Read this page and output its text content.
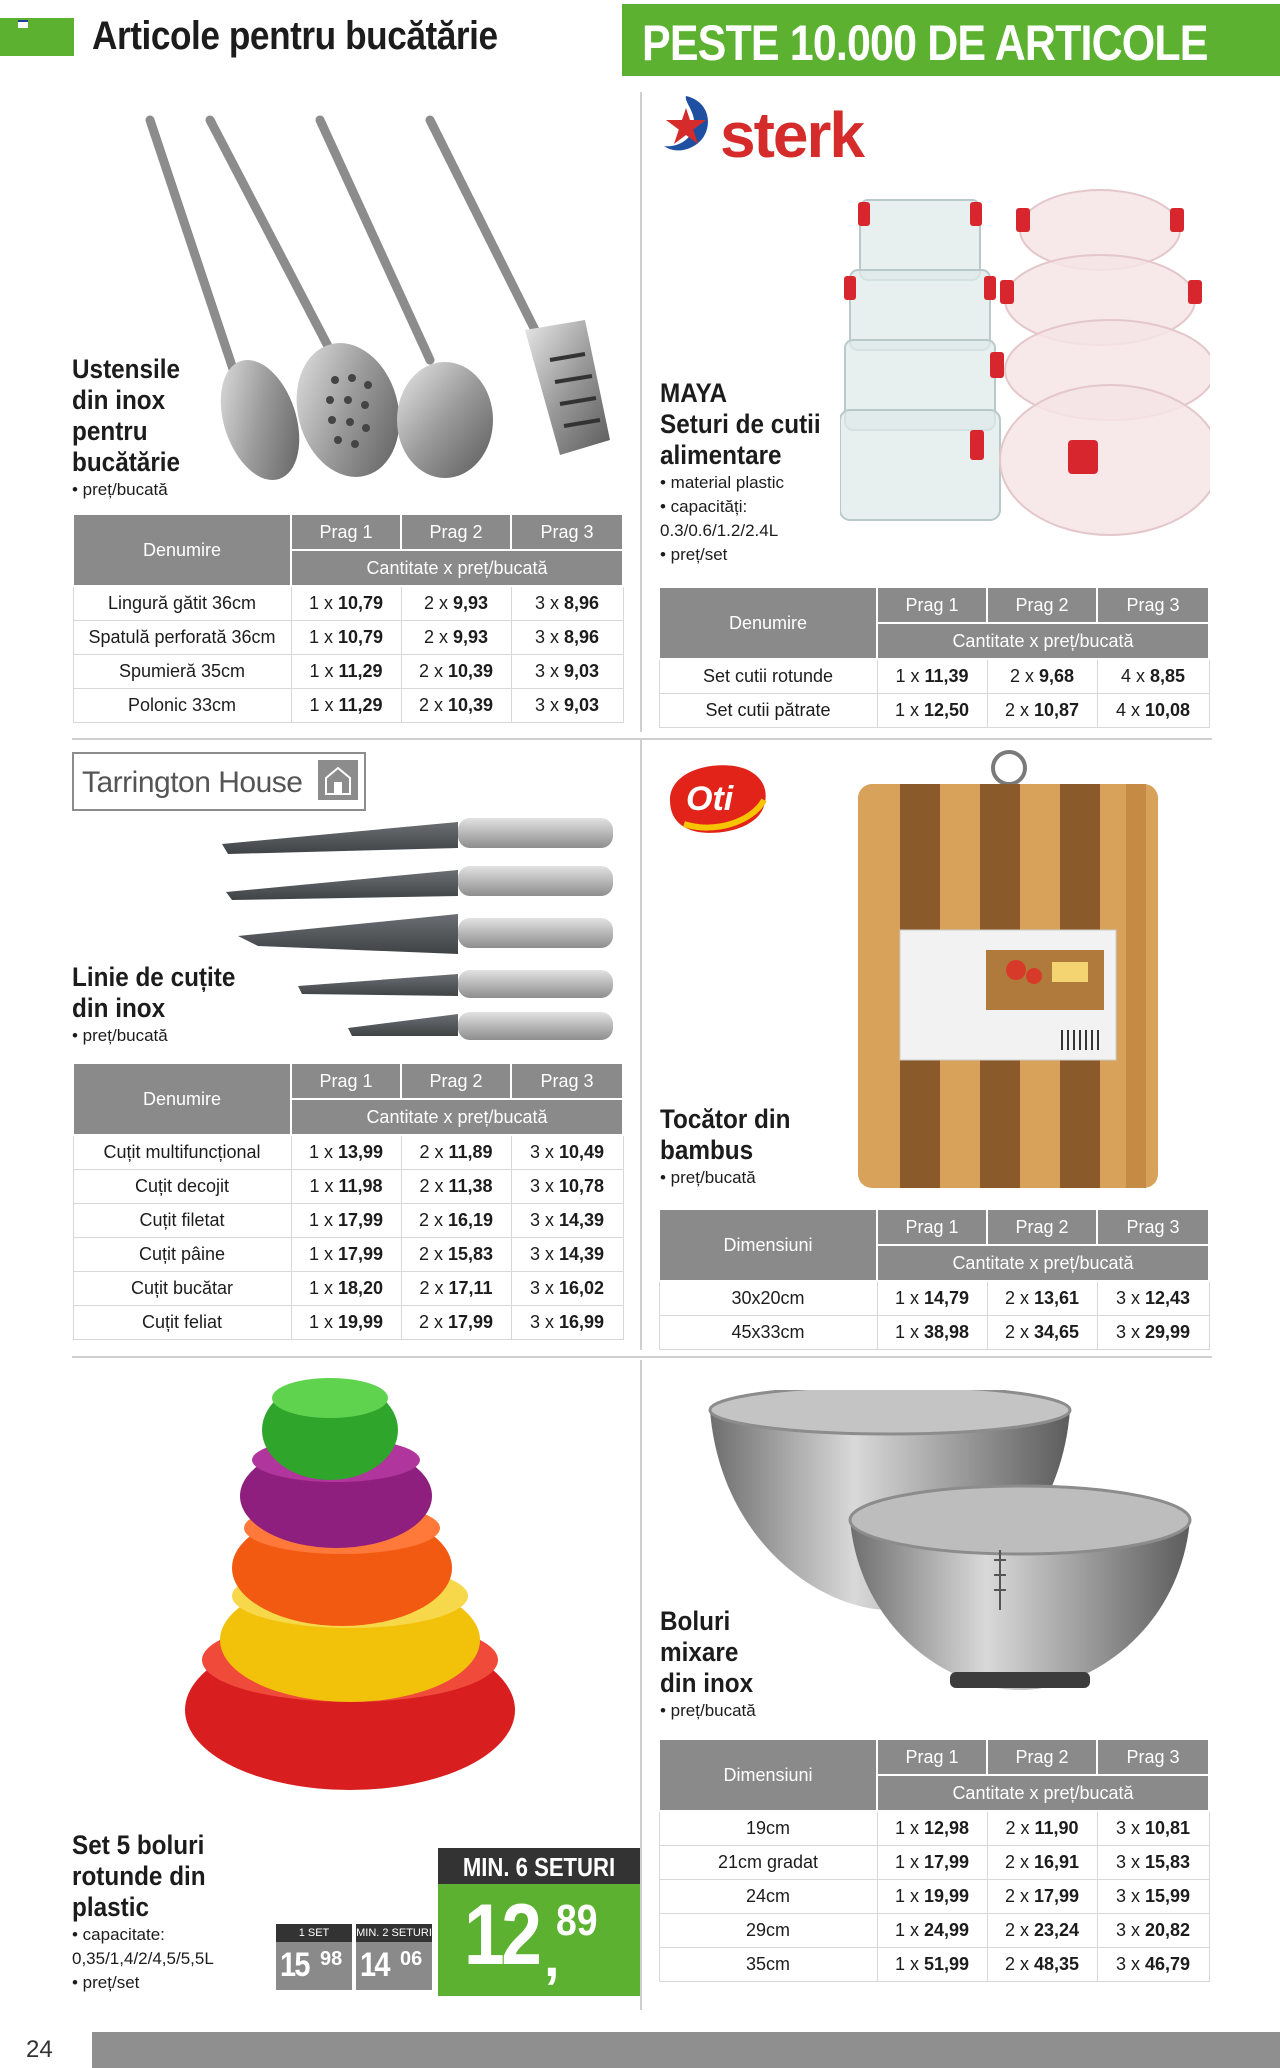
Articole pentru bucătărie	PESTE 10.000 DE ARTICOLE
Ustensile
din inox
pentru
bucătărie
• preț/bucată
Denumire	Prag 1	Prag 2	Prag 3
	Cantitate x preț/bucată		
Lingură gătit 36cm	1 x 10,79	2 x 9,93	3 x 8,96
Spatulă perforată 36cm	1 x 10,79	2 x 9,93	3 x 8,96
Spumieră 35cm	1 x 11,29	2 x 10,39	3 x 9,03
Polonic 33cm	1 x 11,29	2 x 10,39	3 x 9,03
sterk
MAYA
Seturi de cutii
alimentare
• material plastic
• capacități:
0.3/0.6/1.2/2.4L
• preț/set
Denumire	Prag 1	Prag 2	Prag 3
	Cantitate x preț/bucată		
Set cutii rotunde	1 x 11,39	2 x 9,68	4 x 8,85
Set cutii pătrate	1 x 12,50	2 x 10,87	4 x 10,08
Tarrington House
Linie de cuțite
din inox
• preț/bucată
Denumire	Prag 1	Prag 2	Prag 3
	Cantitate x preț/bucată		
Cuțit multifuncțional	1 x 13,99	2 x 11,89	3 x 10,49
Cuțit decojit	1 x 11,98	2 x 11,38	3 x 10,78
Cuțit filetat	1 x 17,99	2 x 16,19	3 x 14,39
Cuțit pâine	1 x 17,99	2 x 15,83	3 x 14,39
Cuțit bucătar	1 x 18,20	2 x 17,11	3 x 16,02
Cuțit feliat	1 x 19,99	2 x 17,99	3 x 16,99
Oti
Tocător din
bambus
• preț/bucată
Dimensiuni	Prag 1	Prag 2	Prag 3
	Cantitate x preț/bucată		
30x20cm	1 x 14,79	2 x 13,61	3 x 12,43
45x33cm	1 x 38,98	2 x 34,65	3 x 29,99
Set 5 boluri
rotunde din
plastic
• capacitate:
0,35/1,4/2/4,5/5,5L
• preț/set
1 SET
15 98
MIN. 2 SETURI
14 06
MIN. 6 SETURI
12 89
,
Boluri
mixare
din inox
• preț/bucată
Dimensiuni	Prag 1	Prag 2	Prag 3
	Cantitate x preț/bucată		
19cm	1 x 12,98	2 x 11,90	3 x 10,81
21cm gradat	1 x 17,99	2 x 16,91	3 x 15,83
24cm	1 x 19,99	2 x 17,99	3 x 15,99
29cm	1 x 24,99	2 x 23,24	3 x 20,82
35cm	1 x 51,99	2 x 48,35	3 x 46,79
24
